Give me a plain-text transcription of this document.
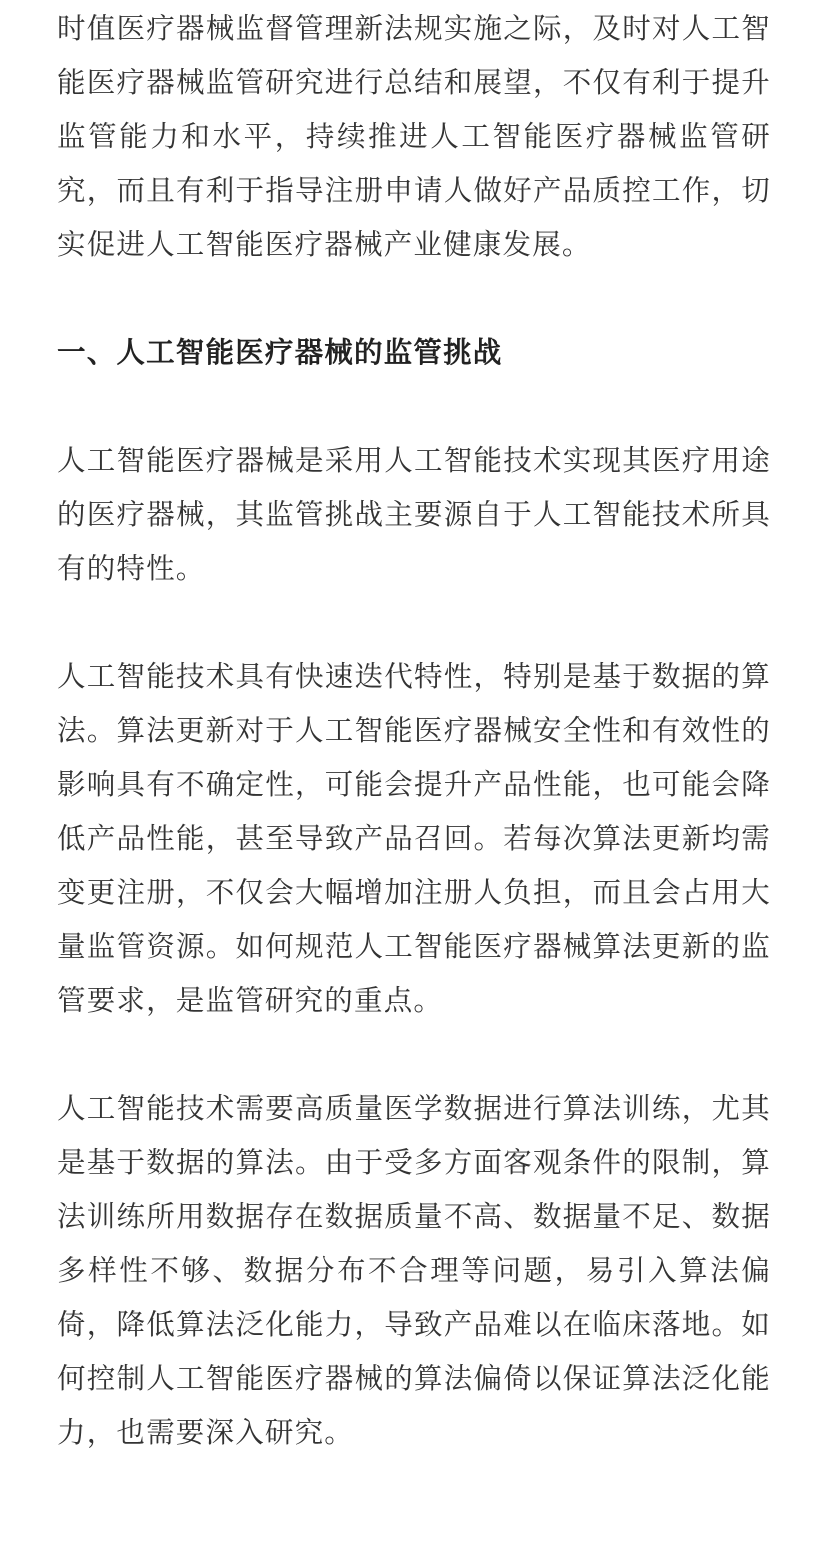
时值医疗器械监督管理新法规实施之际，及时对人工智能医疗器械监管研究进行总结和展望，不仅有利于提升监管能力和水平，持续推进人工智能医疗器械监管研究，而且有利于指导注册申请人做好产品质控工作，切实促进人工智能医疗器械产业健康发展。

一、人工智能医疗器械的监管挑战

人工智能医疗器械是采用人工智能技术实现其医疗用途的医疗器械，其监管挑战主要源自于人工智能技术所具有的特性。

人工智能技术具有快速迭代特性，特别是基于数据的算法。算法更新对于人工智能医疗器械安全性和有效性的影响具有不确定性，可能会提升产品性能，也可能会降低产品性能，甚至导致产品召回。若每次算法更新均需变更注册，不仅会大幅增加注册人负担，而且会占用大量监管资源。如何规范人工智能医疗器械算法更新的监管要求，是监管研究的重点。

人工智能技术需要高质量医学数据进行算法训练，尤其是基于数据的算法。由于受多方面客观条件的限制，算法训练所用数据存在数据质量不高、数据量不足、数据多样性不够、数据分布不合理等问题，易引入算法偏倚，降低算法泛化能力，导致产品难以在临床落地。如何控制人工智能医疗器械的算法偏倚以保证算法泛化能力，也需要深入研究。
